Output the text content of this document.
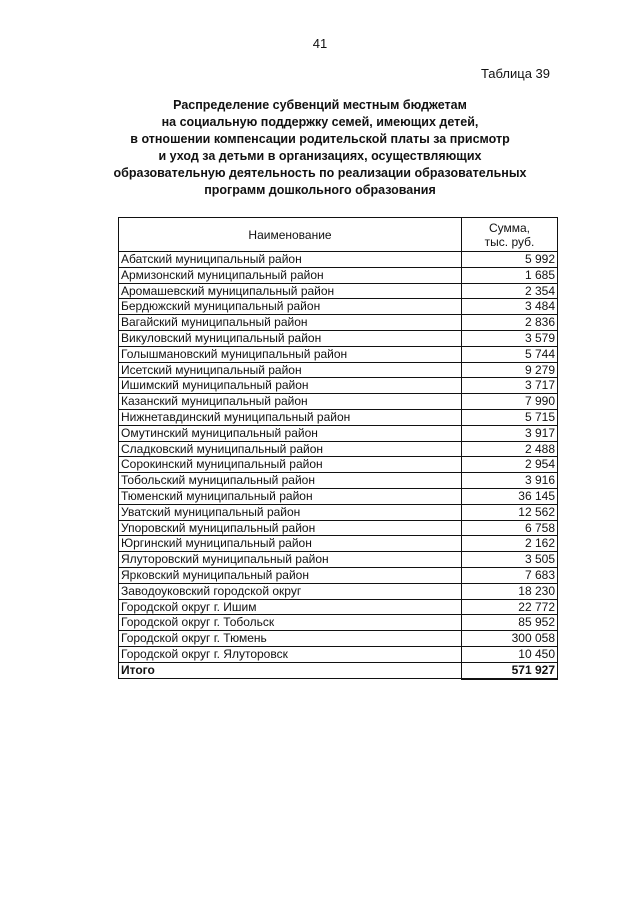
41
Таблица 39
Распределение субвенций местным бюджетам
на социальную поддержку семей, имеющих детей,
в отношении компенсации родительской платы за присмотр
и уход за детьми в организациях, осуществляющих
образовательную деятельность по реализации образовательных
программ дошкольного образования
Наименование	Сумма,
тыс. руб.

Абатский муниципальный район	5 992
Армизонский муниципальный район	1 685
Аромашевский муниципальный район	2 354
Бердюжский муниципальный район	3 484
Вагайский муниципальный район	2 836
Викуловский муниципальный район	3 579
Голышмановский муниципальный район	5 744
Исетский муниципальный район	9 279
Ишимский муниципальный район	3 717
Казанский муниципальный район	7 990
Нижнетавдинский муниципальный район	5 715
Омутинский муниципальный район	3 917
Сладковский муниципальный район	2 488
Сорокинский муниципальный район	2 954
Тобольский муниципальный район	3 916
Тюменский муниципальный район	36 145
Уватский муниципальный район	12 562
Упоровский муниципальный район	6 758
Юргинский муниципальный район	2 162
Ялуторовский муниципальный район	3 505
Ярковский муниципальный район	7 683
Заводоуковский городской округ	18 230
Городской округ г. Ишим	22 772
Городской округ г. Тобольск	85 952
Городской округ г. Тюмень	300 058
Городской округ г. Ялуторовск	10 450
Итого	571 927
